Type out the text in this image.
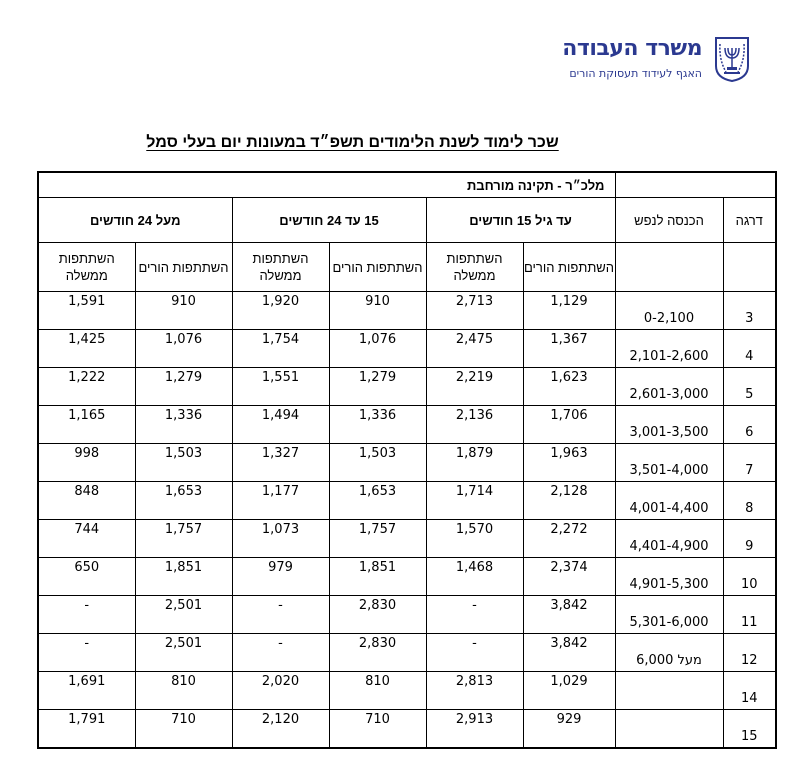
משרד העבודה
האגף לעידוד תעסוקת הורים
שכר לימוד לשנת הלימודים תשפ״ד במעונות יום בעלי סמל
		מלכ״ר - תקינה מורחבת					
דרגה	הכנסה לנפש	עד גיל 15 חודשים		15 עד 24 חודשים		מעל 24 חודשים	
		השתתפות הורים	השתתפות ממשלה	השתתפות הורים	השתתפות ממשלה	השתתפות הורים	השתתפות ממשלה
3	0-2,100	1,129	2,713	910	1,920	910	1,591
4	2,101-2,600	1,367	2,475	1,076	1,754	1,076	1,425
5	2,601-3,000	1,623	2,219	1,279	1,551	1,279	1,222
6	3,001-3,500	1,706	2,136	1,336	1,494	1,336	1,165
7	3,501-4,000	1,963	1,879	1,503	1,327	1,503	998
8	4,001-4,400	2,128	1,714	1,653	1,177	1,653	848
9	4,401-4,900	2,272	1,570	1,757	1,073	1,757	744
10	4,901-5,300	2,374	1,468	1,851	979	1,851	650
11	5,301-6,000	3,842	-	2,830	-	2,501	-
12	מעל 6,000	3,842	-	2,830	-	2,501	-
14		1,029	2,813	810	2,020	810	1,691
15		929	2,913	710	2,120	710	1,791
